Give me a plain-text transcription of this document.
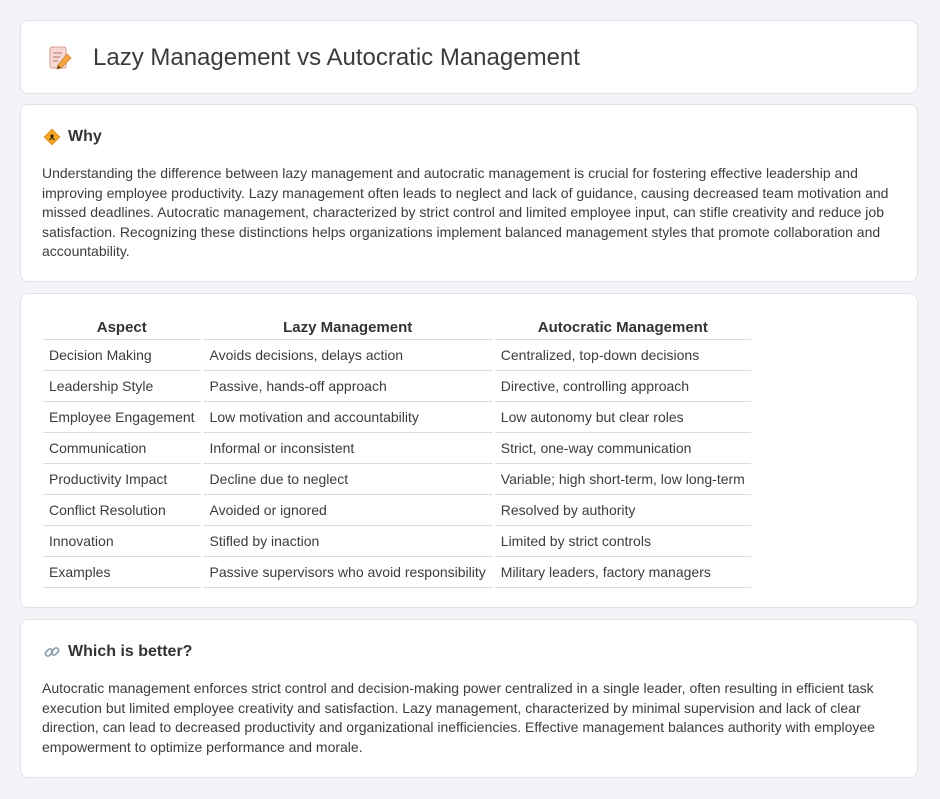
Lazy Management vs Autocratic Management
Why

Understanding the difference between lazy management and autocratic management is crucial for fostering effective leadership and improving employee productivity. Lazy management often leads to neglect and lack of guidance, causing decreased team motivation and missed deadlines. Autocratic management, characterized by strict control and limited employee input, can stifle creativity and reduce job satisfaction. Recognizing these distinctions helps organizations implement balanced management styles that promote collaboration and accountability.

Aspect	Lazy Management	Autocratic Management
Decision Making	Avoids decisions, delays action	Centralized, top-down decisions
Leadership Style	Passive, hands-off approach	Directive, controlling approach
Employee Engagement	Low motivation and accountability	Low autonomy but clear roles
Communication	Informal or inconsistent	Strict, one-way communication
Productivity Impact	Decline due to neglect	Variable; high short-term, low long-term
Conflict Resolution	Avoided or ignored	Resolved by authority
Innovation	Stifled by inaction	Limited by strict controls
Examples	Passive supervisors who avoid responsibility	Military leaders, factory managers
Which is better?

Autocratic management enforces strict control and decision-making power centralized in a single leader, often resulting in efficient task execution but limited employee creativity and satisfaction. Lazy management, characterized by minimal supervision and lack of clear direction, can lead to decreased productivity and organizational inefficiencies. Effective management balances authority with employee empowerment to optimize performance and morale.
